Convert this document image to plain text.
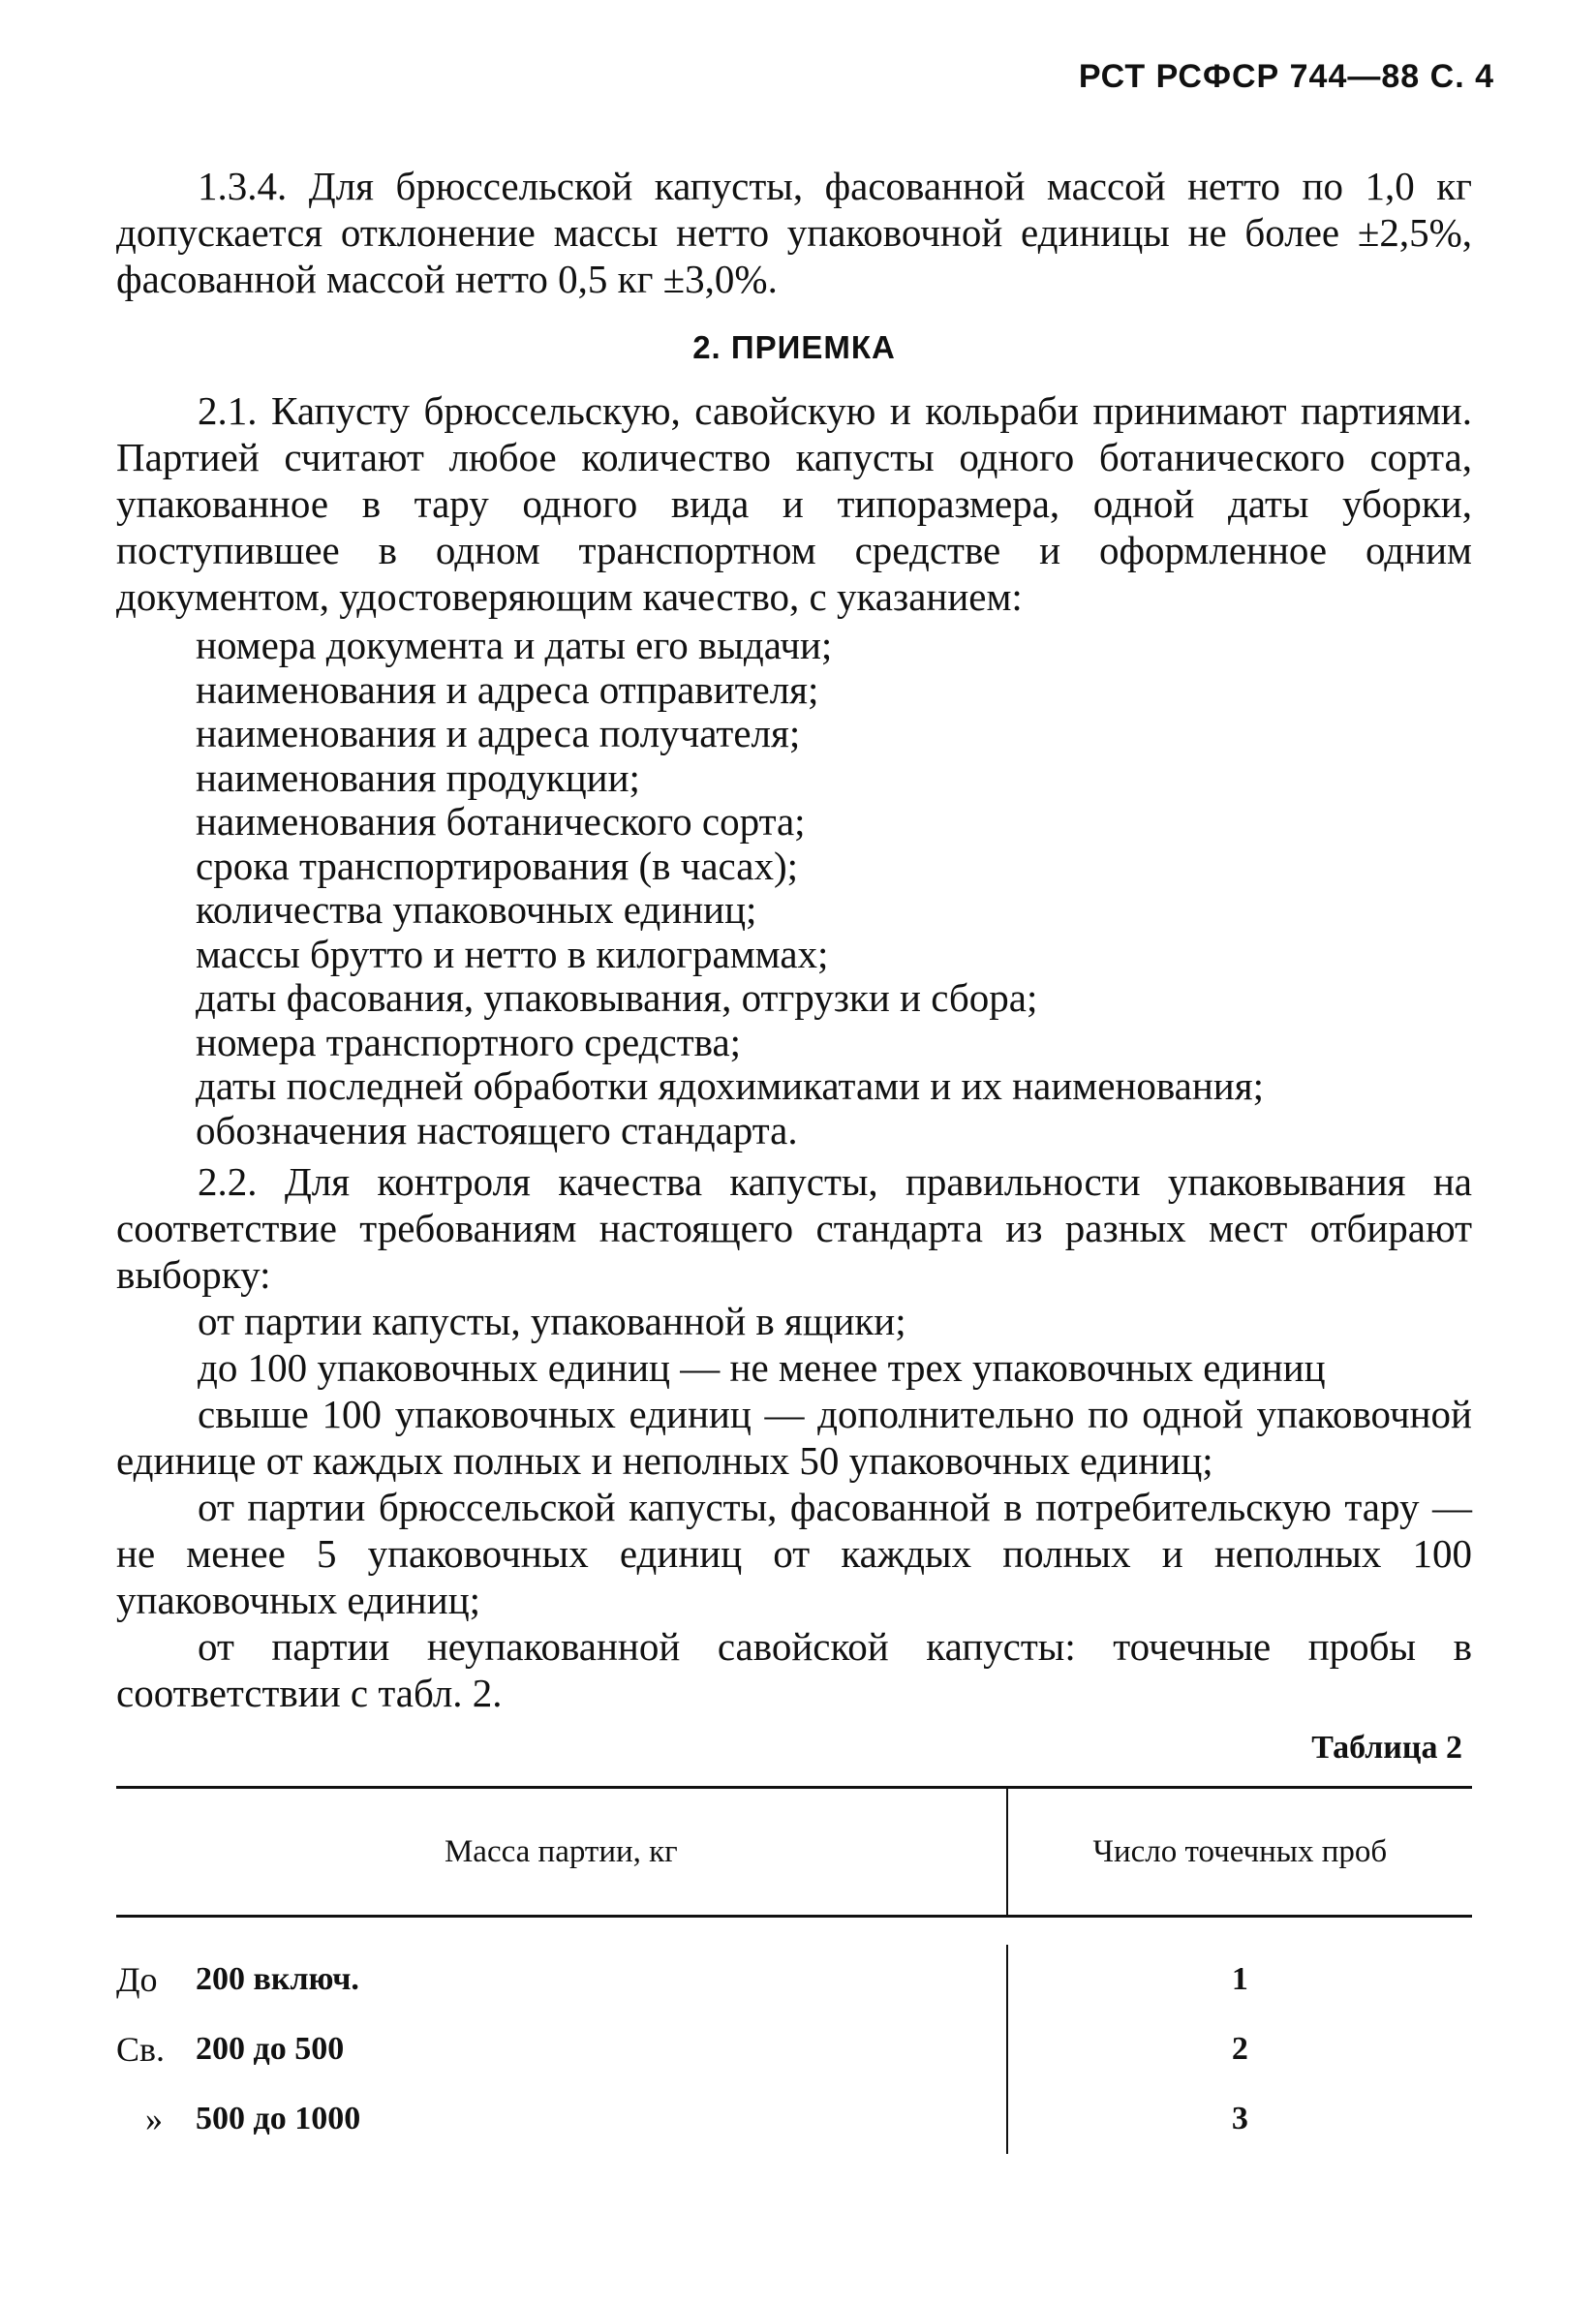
РСТ РСФСР 744—88 С. 4

1.3.4. Для брюссельской капусты, фасованной массой нетто по 1,0 кг допускается отклонение массы нетто упаковочной единицы не более ±2,5%, фасованной массой нетто 0,5 кг ±3,0%.

2. ПРИЕМКА

2.1. Капусту брюссельскую, савойскую и кольраби принимают партиями. Партией считают любое количество капусты одного ботанического сорта, упакованное в тару одного вида и типоразмера, одной даты уборки, поступившее в одном транспортном средстве и оформленное одним документом, удостоверяющим качество, с указанием:

номера документа и даты его выдачи;
наименования и адреса отправителя;
наименования и адреса получателя;
наименования продукции;
наименования ботанического сорта;
срока транспортирования (в часах);
количества упаковочных единиц;
массы брутто и нетто в килограммах;
даты фасования, упаковывания, отгрузки и сбора;
номера транспортного средства;
даты последней обработки ядохимикатами и их наименования;
обозначения настоящего стандарта.

2.2. Для контроля качества капусты, правильности упаковывания на соответствие требованиям настоящего стандарта из разных мест отбирают выборку:

от партии капусты, упакованной в ящики;

до 100 упаковочных единиц — не менее трех упаковочных единиц

свыше 100 упаковочных единиц — дополнительно по одной упаковочной единице от каждых полных и неполных 50 упаковочных единиц;

от партии брюссельской капусты, фасованной в потребительскую тару — не менее 5 упаковочных единиц от каждых полных и неполных 100 упаковочных единиц;

от партии неупакованной савойской капусты: точечные пробы в соответствии с табл. 2.

Таблица 2
Масса партии, кг	Число точечных проб
До	200 включ.	1
Св. 200 до 500	2
»	500 до 1000	3
